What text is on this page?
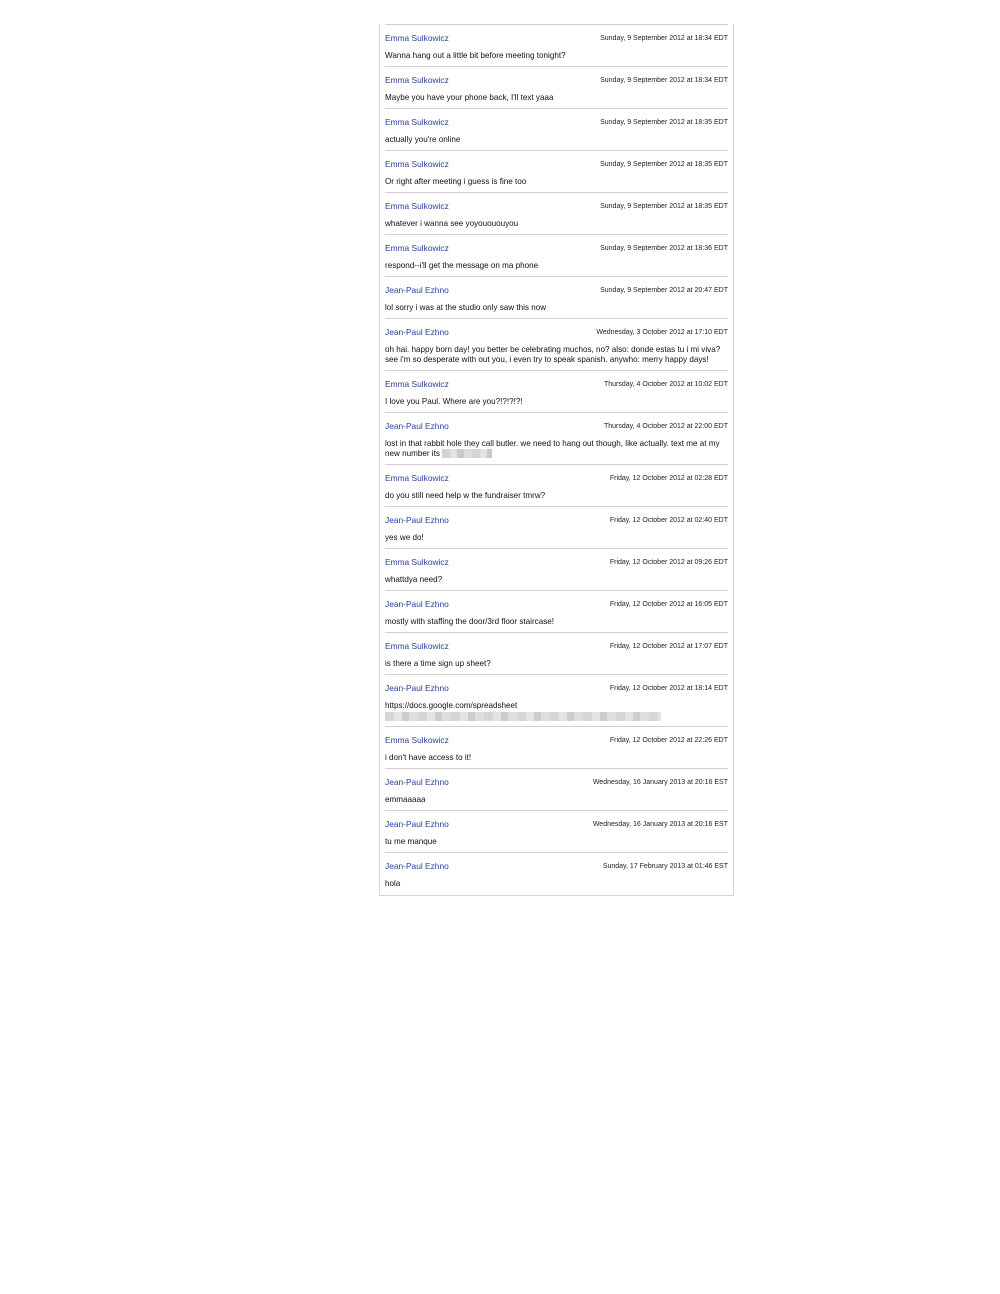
Emma Sulkowicz	Sunday, 9 September 2012 at 18:34 EDT
Wanna hang out a little bit before meeting tonight?
Emma Sulkowicz	Sunday, 9 September 2012 at 18:34 EDT
Maybe you have your phone back, I'll text yaaa
Emma Sulkowicz	Sunday, 9 September 2012 at 18:35 EDT
actually you're online
Emma Sulkowicz	Sunday, 9 September 2012 at 18:35 EDT
Or right after meeting i guess is fine too
Emma Sulkowicz	Sunday, 9 September 2012 at 18:35 EDT
whatever i wanna see yoyouououyou
Emma Sulkowicz	Sunday, 9 September 2012 at 18:36 EDT
respond--i'll get the message on ma phone
Jean-Paul Ezhno	Sunday, 9 September 2012 at 20:47 EDT
lol sorry i was at the studio only saw this now
Jean-Paul Ezhno	Wednesday, 3 October 2012 at 17:10 EDT
oh hai. happy born day! you better be celebrating muchos, no? also: donde estas tu i mi viva? see i'm so desperate with out you, i even try to speak spanish. anywho: merry happy days!
Emma Sulkowicz	Thursday, 4 October 2012 at 10:02 EDT
I love you Paul. Where are you?!?!?!?!
Jean-Paul Ezhno	Thursday, 4 October 2012 at 22:00 EDT
lost in that rabbit hole they call butler. we need to hang out though, like actually. text me at my new number its
Emma Sulkowicz	Friday, 12 October 2012 at 02:28 EDT
do you still need help w the fundraiser tmrw?
Jean-Paul Ezhno	Friday, 12 October 2012 at 02:40 EDT
yes we do!
Emma Sulkowicz	Friday, 12 October 2012 at 09:26 EDT
whattdya need?
Jean-Paul Ezhno	Friday, 12 October 2012 at 16:05 EDT
mostly with staffing the door/3rd floor staircase!
Emma Sulkowicz	Friday, 12 October 2012 at 17:07 EDT
is there a time sign up sheet?
Jean-Paul Ezhno	Friday, 12 October 2012 at 18:14 EDT
https://docs.google.com/spreadsheet
Emma Sulkowicz	Friday, 12 October 2012 at 22:26 EDT
i don't have access to it!
Jean-Paul Ezhno	Wednesday, 16 January 2013 at 20:16 EST
emmaaaaa
Jean-Paul Ezhno	Wednesday, 16 January 2013 at 20:16 EST
tu me manque
Jean-Paul Ezhno	Sunday, 17 February 2013 at 01:46 EST
hola
